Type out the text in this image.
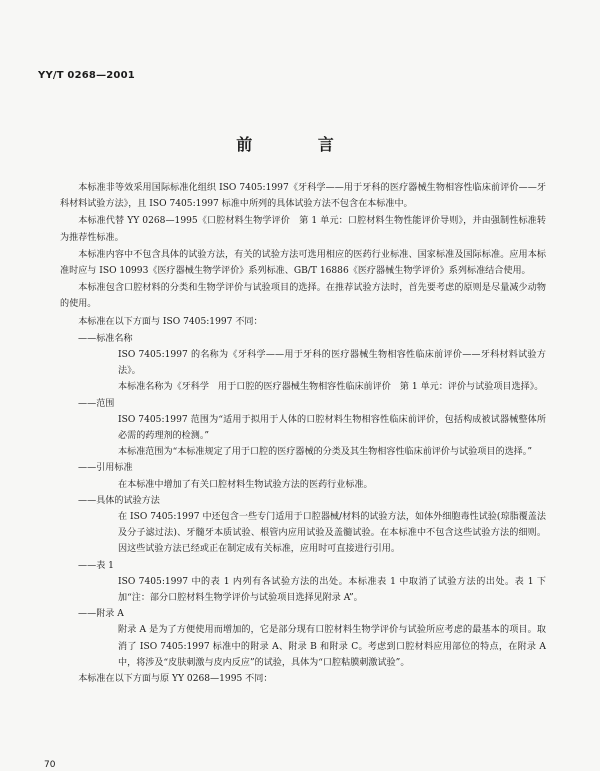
YY/T 0268—2001
前 言

本标准非等效采用国际标准化组织 ISO 7405:1997《牙科学——用于牙科的医疗器械生物相容性临床前评价——牙科材料试验方法》，且 ISO 7405:1997 标准中所列的具体试验方法不包含在本标准中。

本标准代替 YY 0268—1995《口腔材料生物学评价　第 1 单元：口腔材料生物性能评价导则》，并由强制性标准转为推荐性标准。

本标准内容中不包含具体的试验方法，有关的试验方法可选用相应的医药行业标准、国家标准及国际标准。应用本标准时应与 ISO 10993《医疗器械生物学评价》系列标准、GB/T 16886《医疗器械生物学评价》系列标准结合使用。

本标准包含口腔材料的分类和生物学评价与试验项目的选择。在推荐试验方法时，首先要考虑的原则是尽量减少动物的使用。

本标准在以下方面与 ISO 7405:1997 不同：

——标准名称

ISO 7405:1997 的名称为《牙科学——用于牙科的医疗器械生物相容性临床前评价——牙科材料试验方法》。

本标准名称为《牙科学　用于口腔的医疗器械生物相容性临床前评价　第 1 单元：评价与试验项目选择》。

——范围

ISO 7405:1997 范围为“适用于拟用于人体的口腔材料生物相容性临床前评价，包括构成被试器械整体所必需的药理剂的检测。”

本标准范围为“本标准规定了用于口腔的医疗器械的分类及其生物相容性临床前评价与试验项目的选择。”

——引用标准

在本标准中增加了有关口腔材料生物试验方法的医药行业标准。

——具体的试验方法

在 ISO 7405:1997 中还包含一些专门适用于口腔器械/材料的试验方法，如体外细胞毒性试验(琼脂覆盖法及分子滤过法)、牙髓牙本质试验、根管内应用试验及盖髓试验。在本标准中不包含这些试验方法的细则。因这些试验方法已经或正在制定成有关标准，应用时可直接进行引用。

——表 1

ISO 7405:1997 中的表 1 内列有各试验方法的出处。本标准表 1 中取消了试验方法的出处。表 1 下加“注：部分口腔材料生物学评价与试验项目选择见附录 A”。

——附录 A

附录 A 是为了方便使用而增加的，它是部分现有口腔材料生物学评价与试验所应考虑的最基本的项目。取消了 ISO 7405:1997 标准中的附录 A、附录 B 和附录 C。考虑到口腔材料应用部位的特点，在附录 A 中，将涉及“皮肤刺激与皮内反应”的试验，具体为“口腔粘膜刺激试验”。

本标准在以下方面与原 YY 0268—1995 不同：

70
